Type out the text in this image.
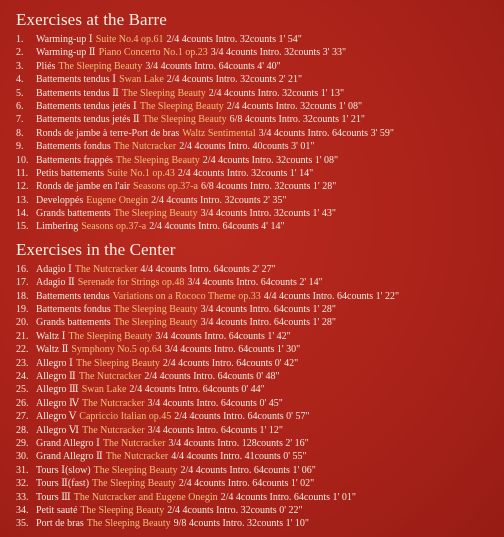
Exercises at the Barre
1.	Warming-up Ⅰ Suite No.4 op.61 2/4 4counts Intro. 32counts 1' 54"
2.	Warming-up Ⅱ Piano Concerto No.1 op.23 3/4 4counts Intro. 32counts 3' 33"
3.	Pliés The Sleeping Beauty 3/4 4counts Intro. 64counts 4' 40"
4.	Battements tendus Ⅰ Swan Lake 2/4 4counts Intro. 32counts 2' 21"
5.	Battements tendus Ⅱ The Sleeping Beauty 2/4 4counts Intro. 32counts 1' 13"
6.	Battements tendus jetés Ⅰ The Sleeping Beauty 2/4 4counts Intro. 32counts 1' 08"
7.	Battements tendus jetés Ⅱ The Sleeping Beauty 6/8 4counts Intro. 32counts 1' 21"
8.	Ronds de jambe à terre-Port de bras Waltz Sentimental 3/4 4counts Intro. 64counts 3' 59"
9.	Battements fondus The Nutcracker 2/4 4counts Intro. 40counts 3' 01"
10. Battements frappés The Sleeping Beauty 2/4 4counts Intro. 32counts 1' 08"
11. Petits battements Suite No.1 op.43 2/4 4counts Intro. 32counts 1' 14"
12. Ronds de jambe en l'air Seasons op.37-a 6/8 4counts Intro. 32counts 1' 28"
13. Developpés Eugene Onegin 2/4 4counts Intro. 32counts 2' 35"
14. Grands battements The Sleeping Beauty 3/4 4counts Intro. 32counts 1' 43"
15. Limbering Seasons op.37-a 2/4 4counts Intro. 64counts 4' 14"
Exercises in the Center
16. Adagio Ⅰ The Nutcracker 4/4 4counts Intro. 64counts 2' 27"
17. Adagio Ⅱ Serenade for Strings op.48 3/4 4counts Intro. 64counts 2' 14"
18. Battements tendus Variations on a Rococo Theme op.33 4/4 4counts Intro. 64counts 1' 22"
19. Battements fondus The Sleeping Beauty 3/4 4counts Intro. 64counts 1' 28"
20. Grands battements The Sleeping Beauty 3/4 4counts Intro. 64counts 1' 28"
21. Waltz Ⅰ The Sleeping Beauty 3/4 4counts Intro. 64counts 1' 42"
22. Waltz Ⅱ Symphony No.5 op.64 3/4 4counts Intro. 64counts 1' 30"
23. Allegro Ⅰ The Sleeping Beauty 2/4 4counts Intro. 64counts 0' 42"
24. Allegro Ⅱ The Nutcracker 2/4 4counts Intro. 64counts 0' 48"
25. Allegro Ⅲ Swan Lake 2/4 4counts Intro. 64counts 0' 44"
26. Allegro Ⅳ The Nutcracker 3/4 4counts Intro. 64counts 0' 45"
27. Allegro Ⅴ Capriccio Italian op.45 2/4 4counts Intro. 64counts 0' 57"
28. Allegro Ⅵ The Nutcracker 3/4 4counts Intro. 64counts 1' 12"
29. Grand Allegro Ⅰ The Nutcracker 3/4 4counts Intro. 128counts 2' 16"
30. Grand Allegro Ⅱ The Nutcracker 4/4 4counts Intro. 41counts 0' 55"
31. Tours Ⅰ(slow) The Sleeping Beauty 2/4 4counts Intro. 64counts 1' 06"
32. Tours Ⅱ(fast) The Sleeping Beauty 2/4 4counts Intro. 64counts 1' 02"
33. Tours Ⅲ The Nutcracker and Eugene Onegin 2/4 4counts Intro. 64counts 1' 01"
34. Petit sauté The Sleeping Beauty 2/4 4counts Intro. 32counts 0' 22"
35. Port de bras The Sleeping Beauty 9/8 4counts Intro. 32counts 1' 10"
